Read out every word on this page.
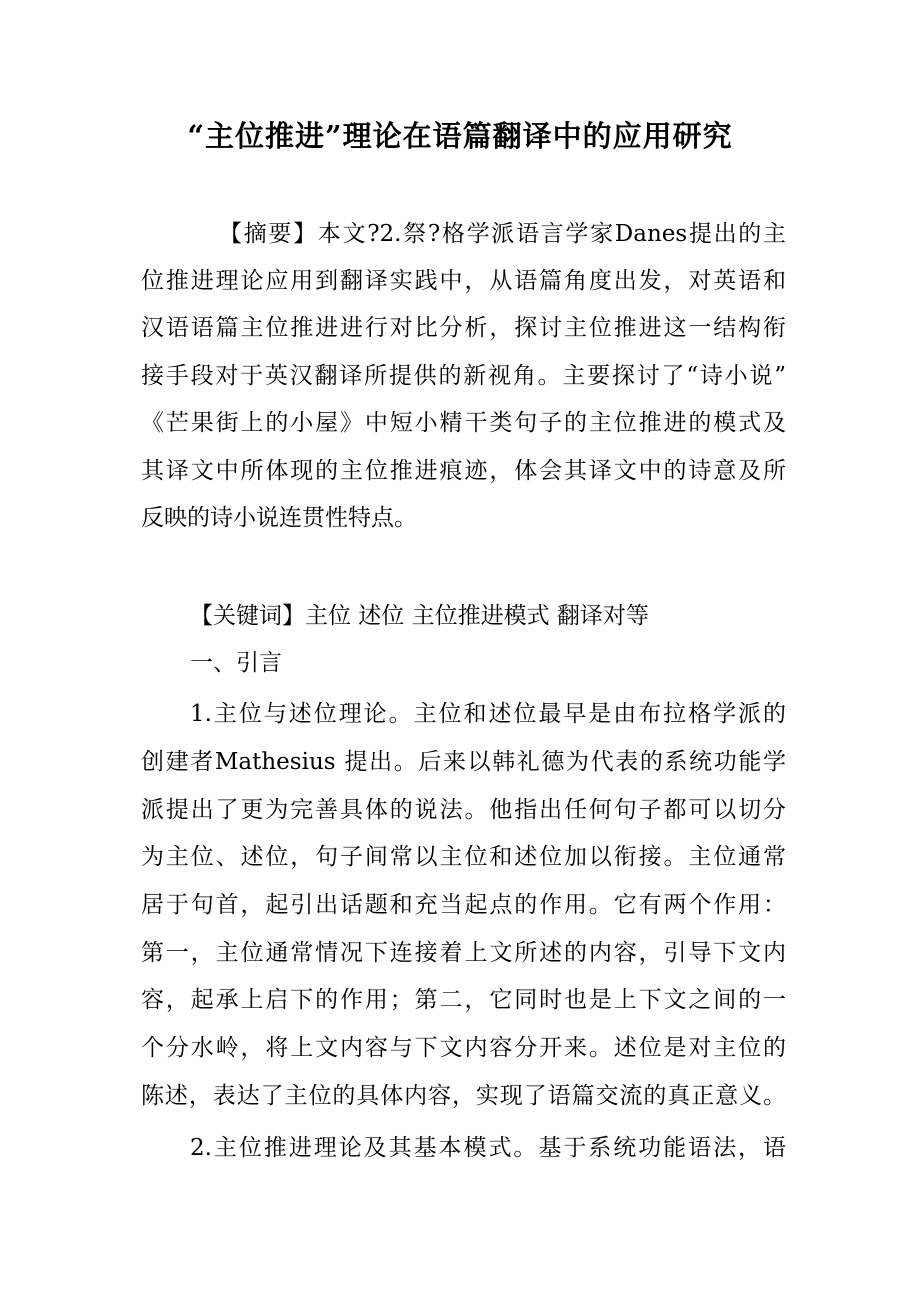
“主位推进”理论在语篇翻译中的应用研究
【摘要】本文?2.祭?格学派语言学家Danes提出的主
位推进理论应用到翻译实践中，从语篇角度出发，对英语和
汉语语篇主位推进进行对比分析，探讨主位推进这一结构衔
接手段对于英汉翻译所提供的新视角。主要探讨了“诗小说”
《芒果街上的小屋》中短小精干类句子的主位推进的模式及
其译文中所体现的主位推进痕迹，体会其译文中的诗意及所
反映的诗小说连贯性特点。
【关键词】主位 述位 主位推进模式 翻译对等
一、引言
1.主位与述位理论。主位和述位最早是由布拉格学派的
创建者Mathesius 提出。后来以韩礼德为代表的系统功能学
派提出了更为完善具体的说法。他指出任何句子都可以切分
为主位、述位，句子间常以主位和述位加以衔接。主位通常
居于句首，起引出话题和充当起点的作用。它有两个作用：
第一，主位通常情况下连接着上文所述的内容，引导下文内
容，起承上启下的作用；第二，它同时也是上下文之间的一
个分水岭，将上文内容与下文内容分开来。述位是对主位的
陈述，表达了主位的具体内容，实现了语篇交流的真正意义。
2.主位推进理论及其基本模式。基于系统功能语法，语
